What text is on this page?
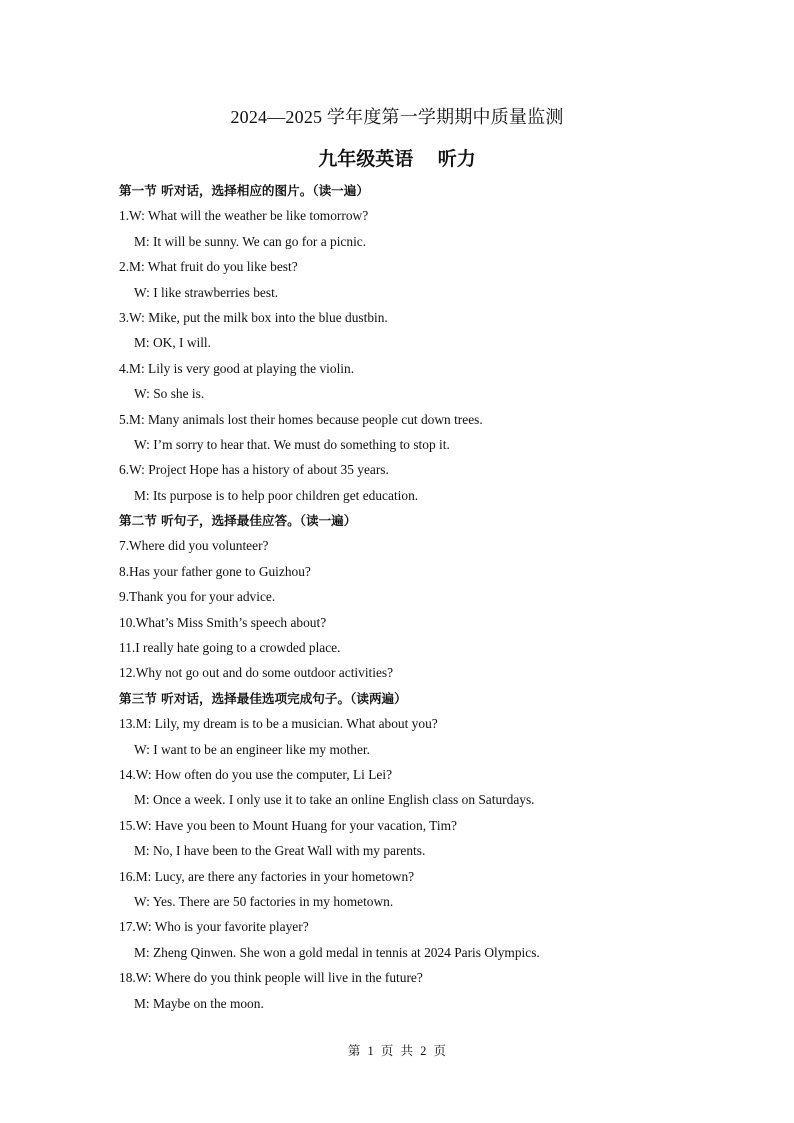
2024—2025 学年度第一学期期中质量监测
九年级英语 听力
第一节 听对话，选择相应的图片。（读一遍）
1.W: What will the weather be like tomorrow?
M: It will be sunny. We can go for a picnic.
2.M: What fruit do you like best?
W: I like strawberries best.
3.W: Mike, put the milk box into the blue dustbin.
M: OK, I will.
4.M: Lily is very good at playing the violin.
W: So she is.
5.M: Many animals lost their homes because people cut down trees.
W: I’m sorry to hear that. We must do something to stop it.
6.W: Project Hope has a history of about 35 years.
M: Its purpose is to help poor children get education.
第二节 听句子，选择最佳应答。（读一遍）
7.Where did you volunteer?
8.Has your father gone to Guizhou?
9.Thank you for your advice.
10.What’s Miss Smith’s speech about?
11.I really hate going to a crowded place.
12.Why not go out and do some outdoor activities?
第三节 听对话，选择最佳选项完成句子。（读两遍）
13.M: Lily, my dream is to be a musician. What about you?
W: I want to be an engineer like my mother.
14.W: How often do you use the computer, Li Lei?
M: Once a week. I only use it to take an online English class on Saturdays.
15.W: Have you been to Mount Huang for your vacation, Tim?
M: No, I have been to the Great Wall with my parents.
16.M: Lucy, are there any factories in your hometown?
W: Yes. There are 50 factories in my hometown.
17.W: Who is your favorite player?
M: Zheng Qinwen. She won a gold medal in tennis at 2024 Paris Olympics.
18.W: Where do you think people will live in the future?
M: Maybe on the moon.
第 1 页 共 2 页
